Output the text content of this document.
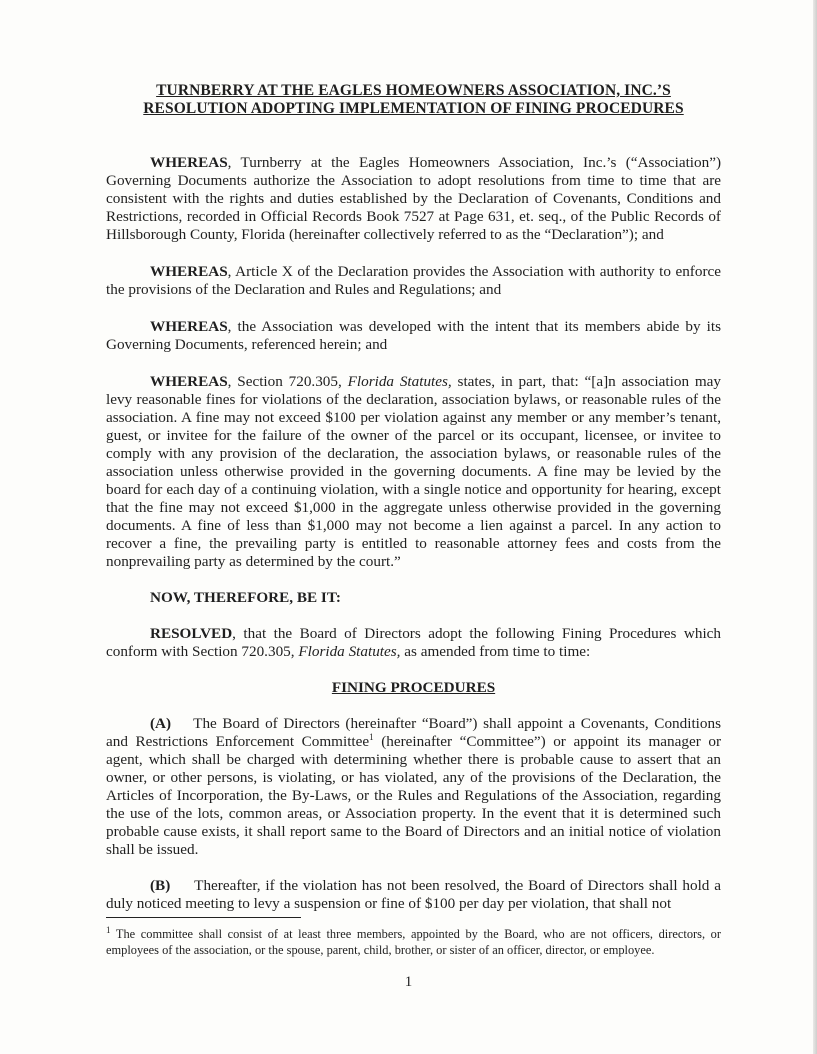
TURNBERRY AT THE EAGLES HOMEOWNERS ASSOCIATION, INC.’S
RESOLUTION ADOPTING IMPLEMENTATION OF FINING PROCEDURES

WHEREAS, Turnberry at the Eagles Homeowners Association, Inc.’s (“Association”) Governing Documents authorize the Association to adopt resolutions from time to time that are consistent with the rights and duties established by the Declaration of Covenants, Conditions and Restrictions, recorded in Official Records Book 7527 at Page 631, et. seq., of the Public Records of Hillsborough County, Florida (hereinafter collectively referred to as the “Declaration”); and

WHEREAS, Article X of the Declaration provides the Association with authority to enforce the provisions of the Declaration and Rules and Regulations; and

WHEREAS, the Association was developed with the intent that its members abide by its Governing Documents, referenced herein; and

WHEREAS, Section 720.305, Florida Statutes, states, in part, that: “[a]n association may levy reasonable fines for violations of the declaration, association bylaws, or reasonable rules of the association. A fine may not exceed $100 per violation against any member or any member’s tenant, guest, or invitee for the failure of the owner of the parcel or its occupant, licensee, or invitee to comply with any provision of the declaration, the association bylaws, or reasonable rules of the association unless otherwise provided in the governing documents. A fine may be levied by the board for each day of a continuing violation, with a single notice and opportunity for hearing, except that the fine may not exceed $1,000 in the aggregate unless otherwise provided in the governing documents. A fine of less than $1,000 may not become a lien against a parcel. In any action to recover a fine, the prevailing party is entitled to reasonable attorney fees and costs from the nonprevailing party as determined by the court.”

NOW, THEREFORE, BE IT:

RESOLVED, that the Board of Directors adopt the following Fining Procedures which conform with Section 720.305, Florida Statutes, as amended from time to time:

FINING PROCEDURES

(A) The Board of Directors (hereinafter “Board”) shall appoint a Covenants, Conditions and Restrictions Enforcement Committee$^1$ (hereinafter “Committee”) or appoint its manager or agent, which shall be charged with determining whether there is probable cause to assert that an owner, or other persons, is violating, or has violated, any of the provisions of the Declaration, the Articles of Incorporation, the By-Laws, or the Rules and Regulations of the Association, regarding the use of the lots, common areas, or Association property. In the event that it is determined such probable cause exists, it shall report same to the Board of Directors and an initial notice of violation shall be issued.

(B) Thereafter, if the violation has not been resolved, the Board of Directors shall hold a duly noticed meeting to levy a suspension or fine of $100 per day per violation, that shall not

$^1$ The committee shall consist of at least three members, appointed by the Board, who are not officers, directors, or employees of the association, or the spouse, parent, child, brother, or sister of an officer, director, or employee.

1
